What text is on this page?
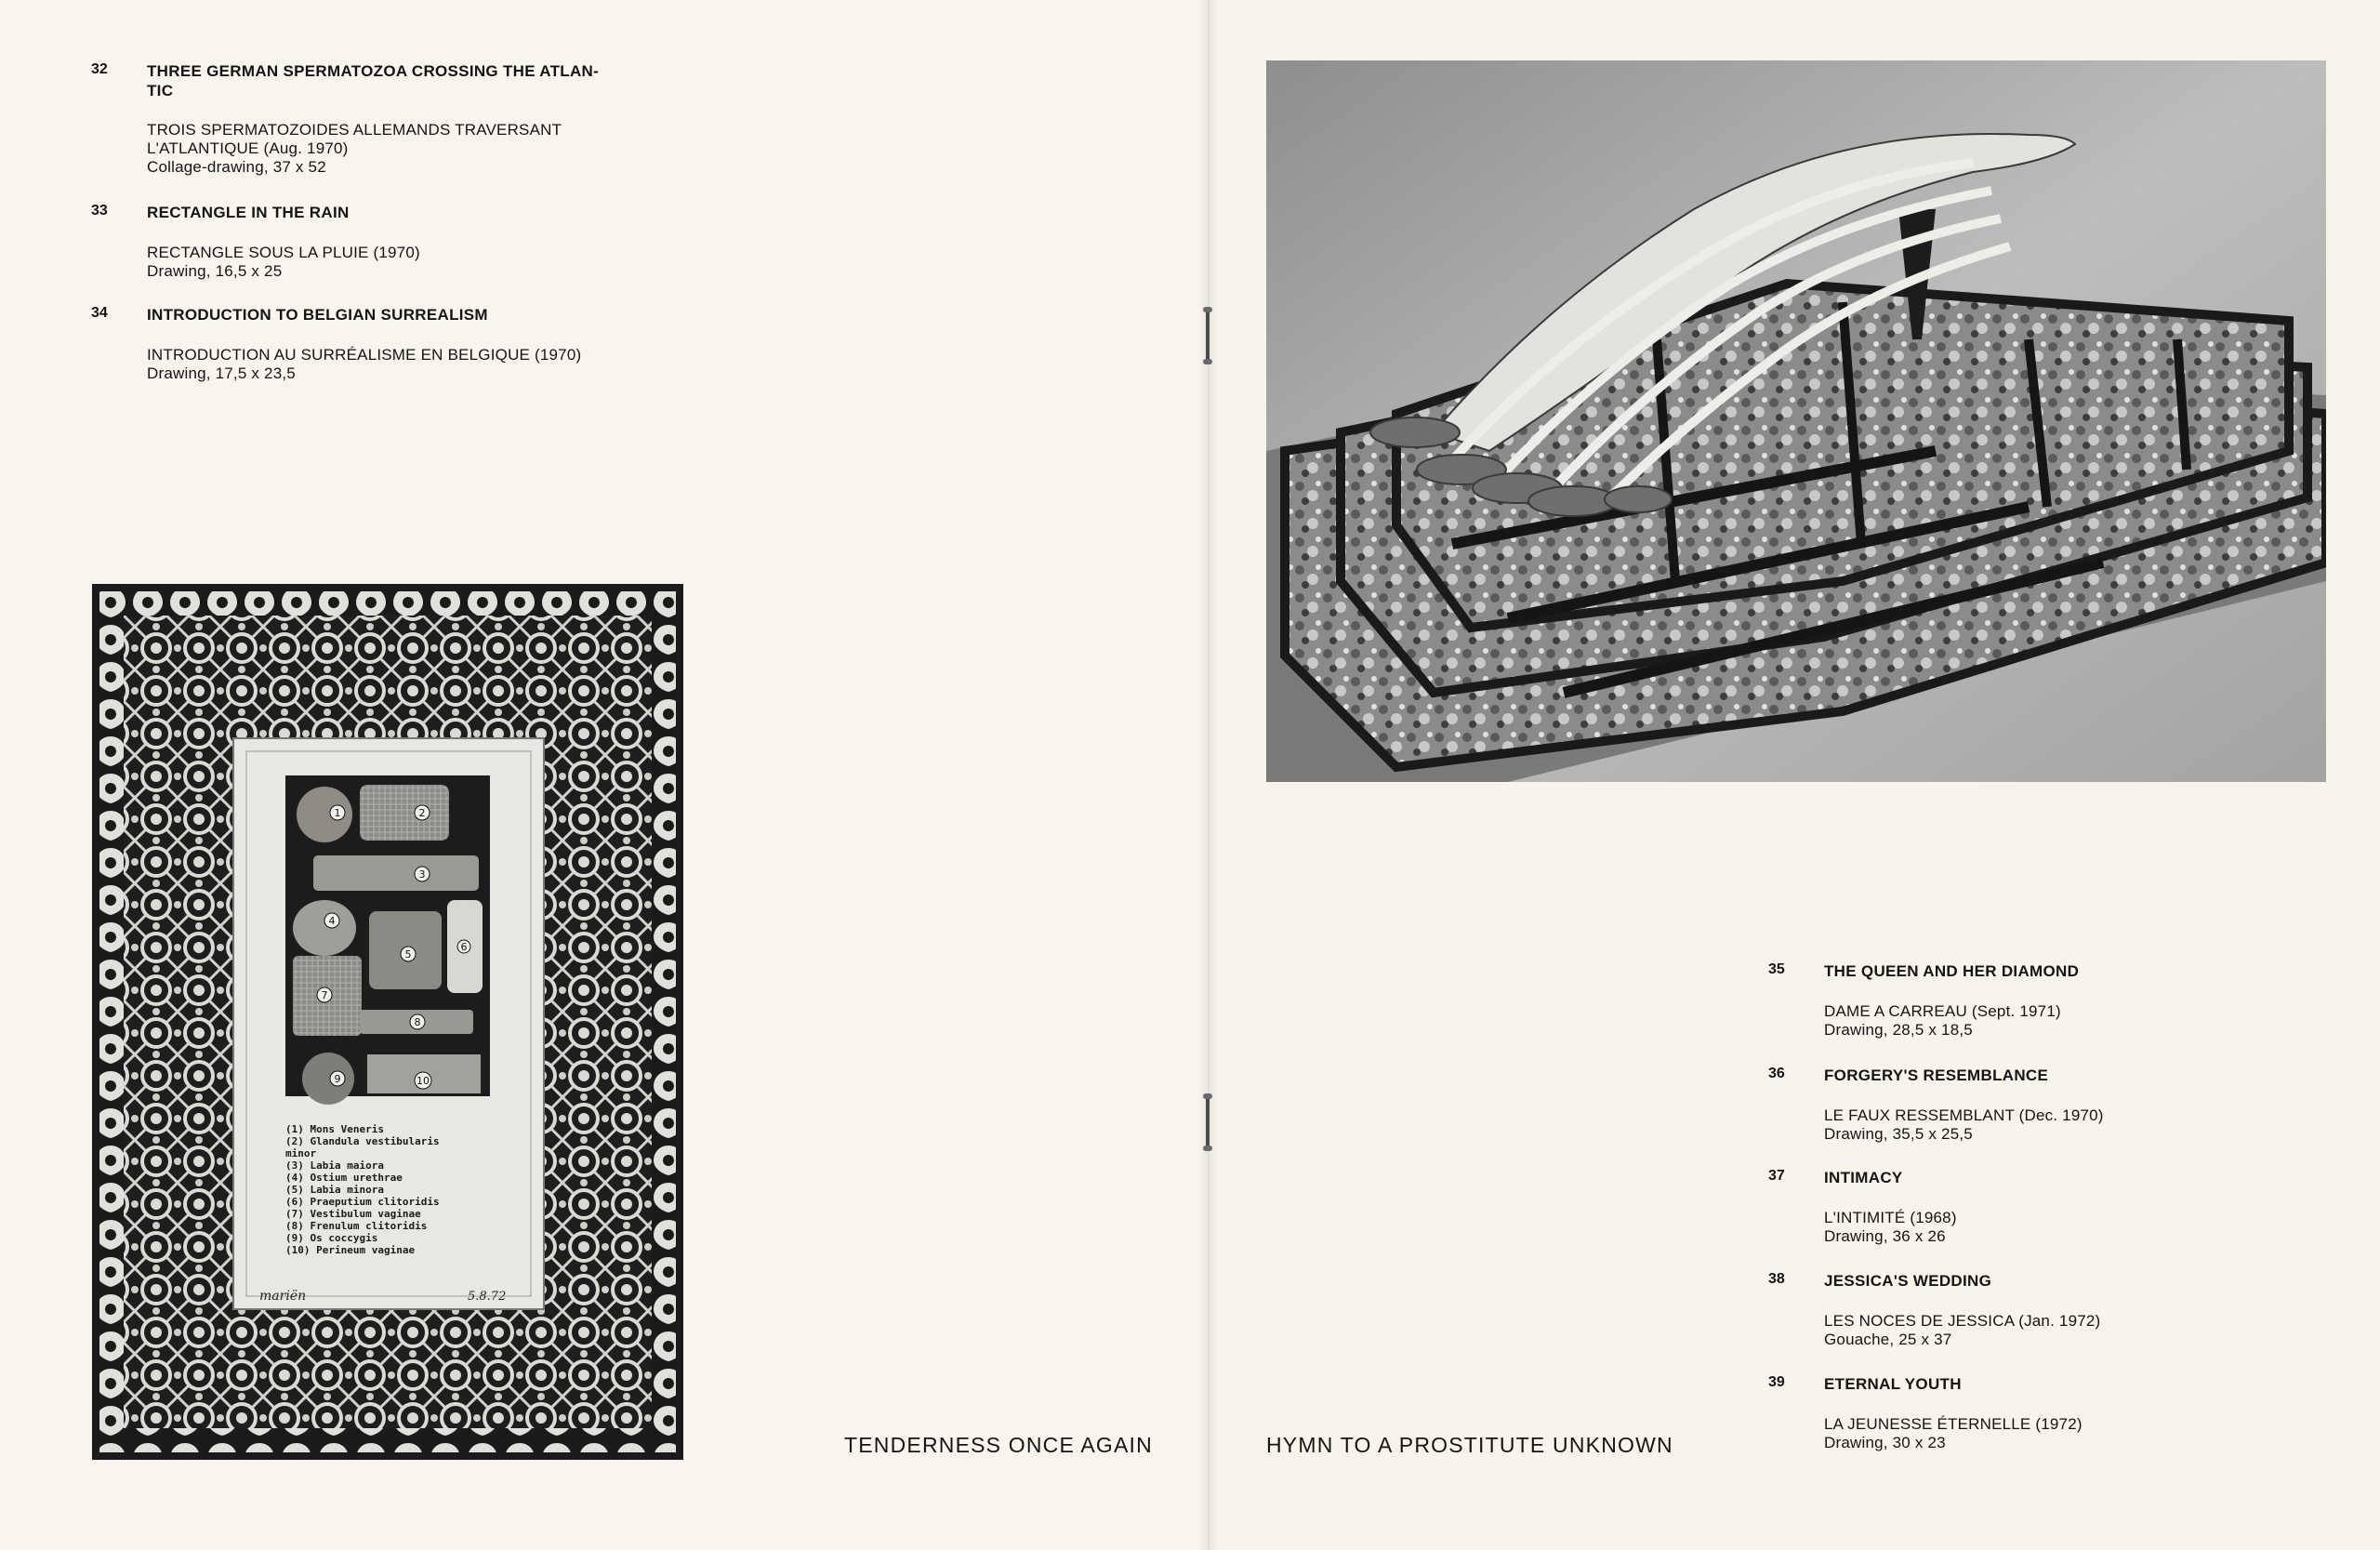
32 THREE GERMAN SPERMATOZOA CROSSING THE ATLAN-
TIC
TROIS SPERMATOZOIDES ALLEMANDS TRAVERSANT
L'ATLANTIQUE (Aug. 1970)
Collage-drawing, 37 x 52
33 RECTANGLE IN THE RAIN
RECTANGLE SOUS LA PLUIE (1970)
Drawing, 16,5 x 25
34 INTRODUCTION TO BELGIAN SURREALISM
INTRODUCTION AU SURRÉALISME EN BELGIQUE (1970)
Drawing, 17,5 x 23,5
1	2
3
4
5
6
7
8
9	10
(1) Mons Veneris
(2) Glandula vestibularis
minor
(3) Labia maiora
(4) Ostium urethrae
(5) Labia minora
(6) Praeputium clitoridis
(7) Vestibulum vaginae
(8) Frenulum clitoridis
(9) Os coccygis
(10) Perineum vaginae
mariën	5.8.72
TENDERNESS ONCE AGAIN	HYMN TO A PROSTITUTE UNKNOWN
35 THE QUEEN AND HER DIAMOND
DAME A CARREAU (Sept. 1971)
Drawing, 28,5 x 18,5
36 FORGERY'S RESEMBLANCE
LE FAUX RESSEMBLANT (Dec. 1970)
Drawing, 35,5 x 25,5
37 INTIMACY
L'INTIMITÉ (1968)
Drawing, 36 x 26
38 JESSICA'S WEDDING
LES NOCES DE JESSICA (Jan. 1972)
Gouache, 25 x 37
39 ETERNAL YOUTH
LA JEUNESSE ÉTERNELLE (1972)
Drawing, 30 x 23
